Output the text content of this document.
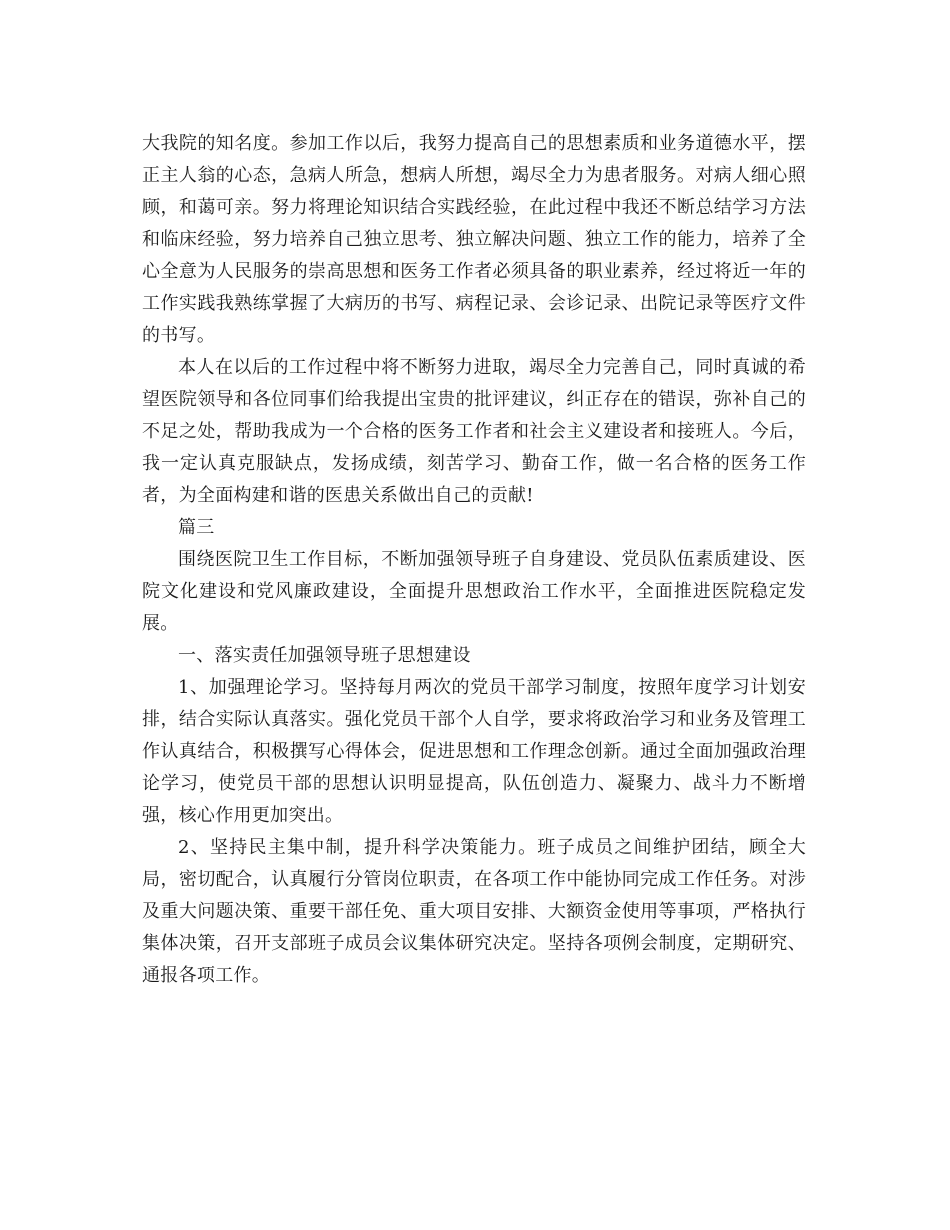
大我院的知名度。参加工作以后，我努力提高自己的思想素质和业务道德水平，摆正主人翁的心态，急病人所急，想病人所想，竭尽全力为患者服务。对病人细心照顾，和蔼可亲。努力将理论知识结合实践经验，在此过程中我还不断总结学习方法和临床经验，努力培养自己独立思考、独立解决问题、独立工作的能力，培养了全心全意为人民服务的崇高思想和医务工作者必须具备的职业素养，经过将近一年的工作实践我熟练掌握了大病历的书写、病程记录、会诊记录、出院记录等医疗文件的书写。

本人在以后的工作过程中将不断努力进取，竭尽全力完善自己，同时真诚的希望医院领导和各位同事们给我提出宝贵的批评建议，纠正存在的错误，弥补自己的不足之处，帮助我成为一个合格的医务工作者和社会主义建设者和接班人。今后，我一定认真克服缺点，发扬成绩，刻苦学习、勤奋工作，做一名合格的医务工作者，为全面构建和谐的医患关系做出自己的贡献!

篇三

围绕医院卫生工作目标，不断加强领导班子自身建设、党员队伍素质建设、医院文化建设和党风廉政建设，全面提升思想政治工作水平，全面推进医院稳定发展。

一、落实责任加强领导班子思想建设

1、加强理论学习。坚持每月两次的党员干部学习制度，按照年度学习计划安排，结合实际认真落实。强化党员干部个人自学，要求将政治学习和业务及管理工作认真结合，积极撰写心得体会，促进思想和工作理念创新。通过全面加强政治理论学习，使党员干部的思想认识明显提高，队伍创造力、凝聚力、战斗力不断增强，核心作用更加突出。

2、坚持民主集中制，提升科学决策能力。班子成员之间维护团结，顾全大局，密切配合，认真履行分管岗位职责，在各项工作中能协同完成工作任务。对涉及重大问题决策、重要干部任免、重大项目安排、大额资金使用等事项，严格执行集体决策，召开支部班子成员会议集体研究决定。坚持各项例会制度，定期研究、通报各项工作。
